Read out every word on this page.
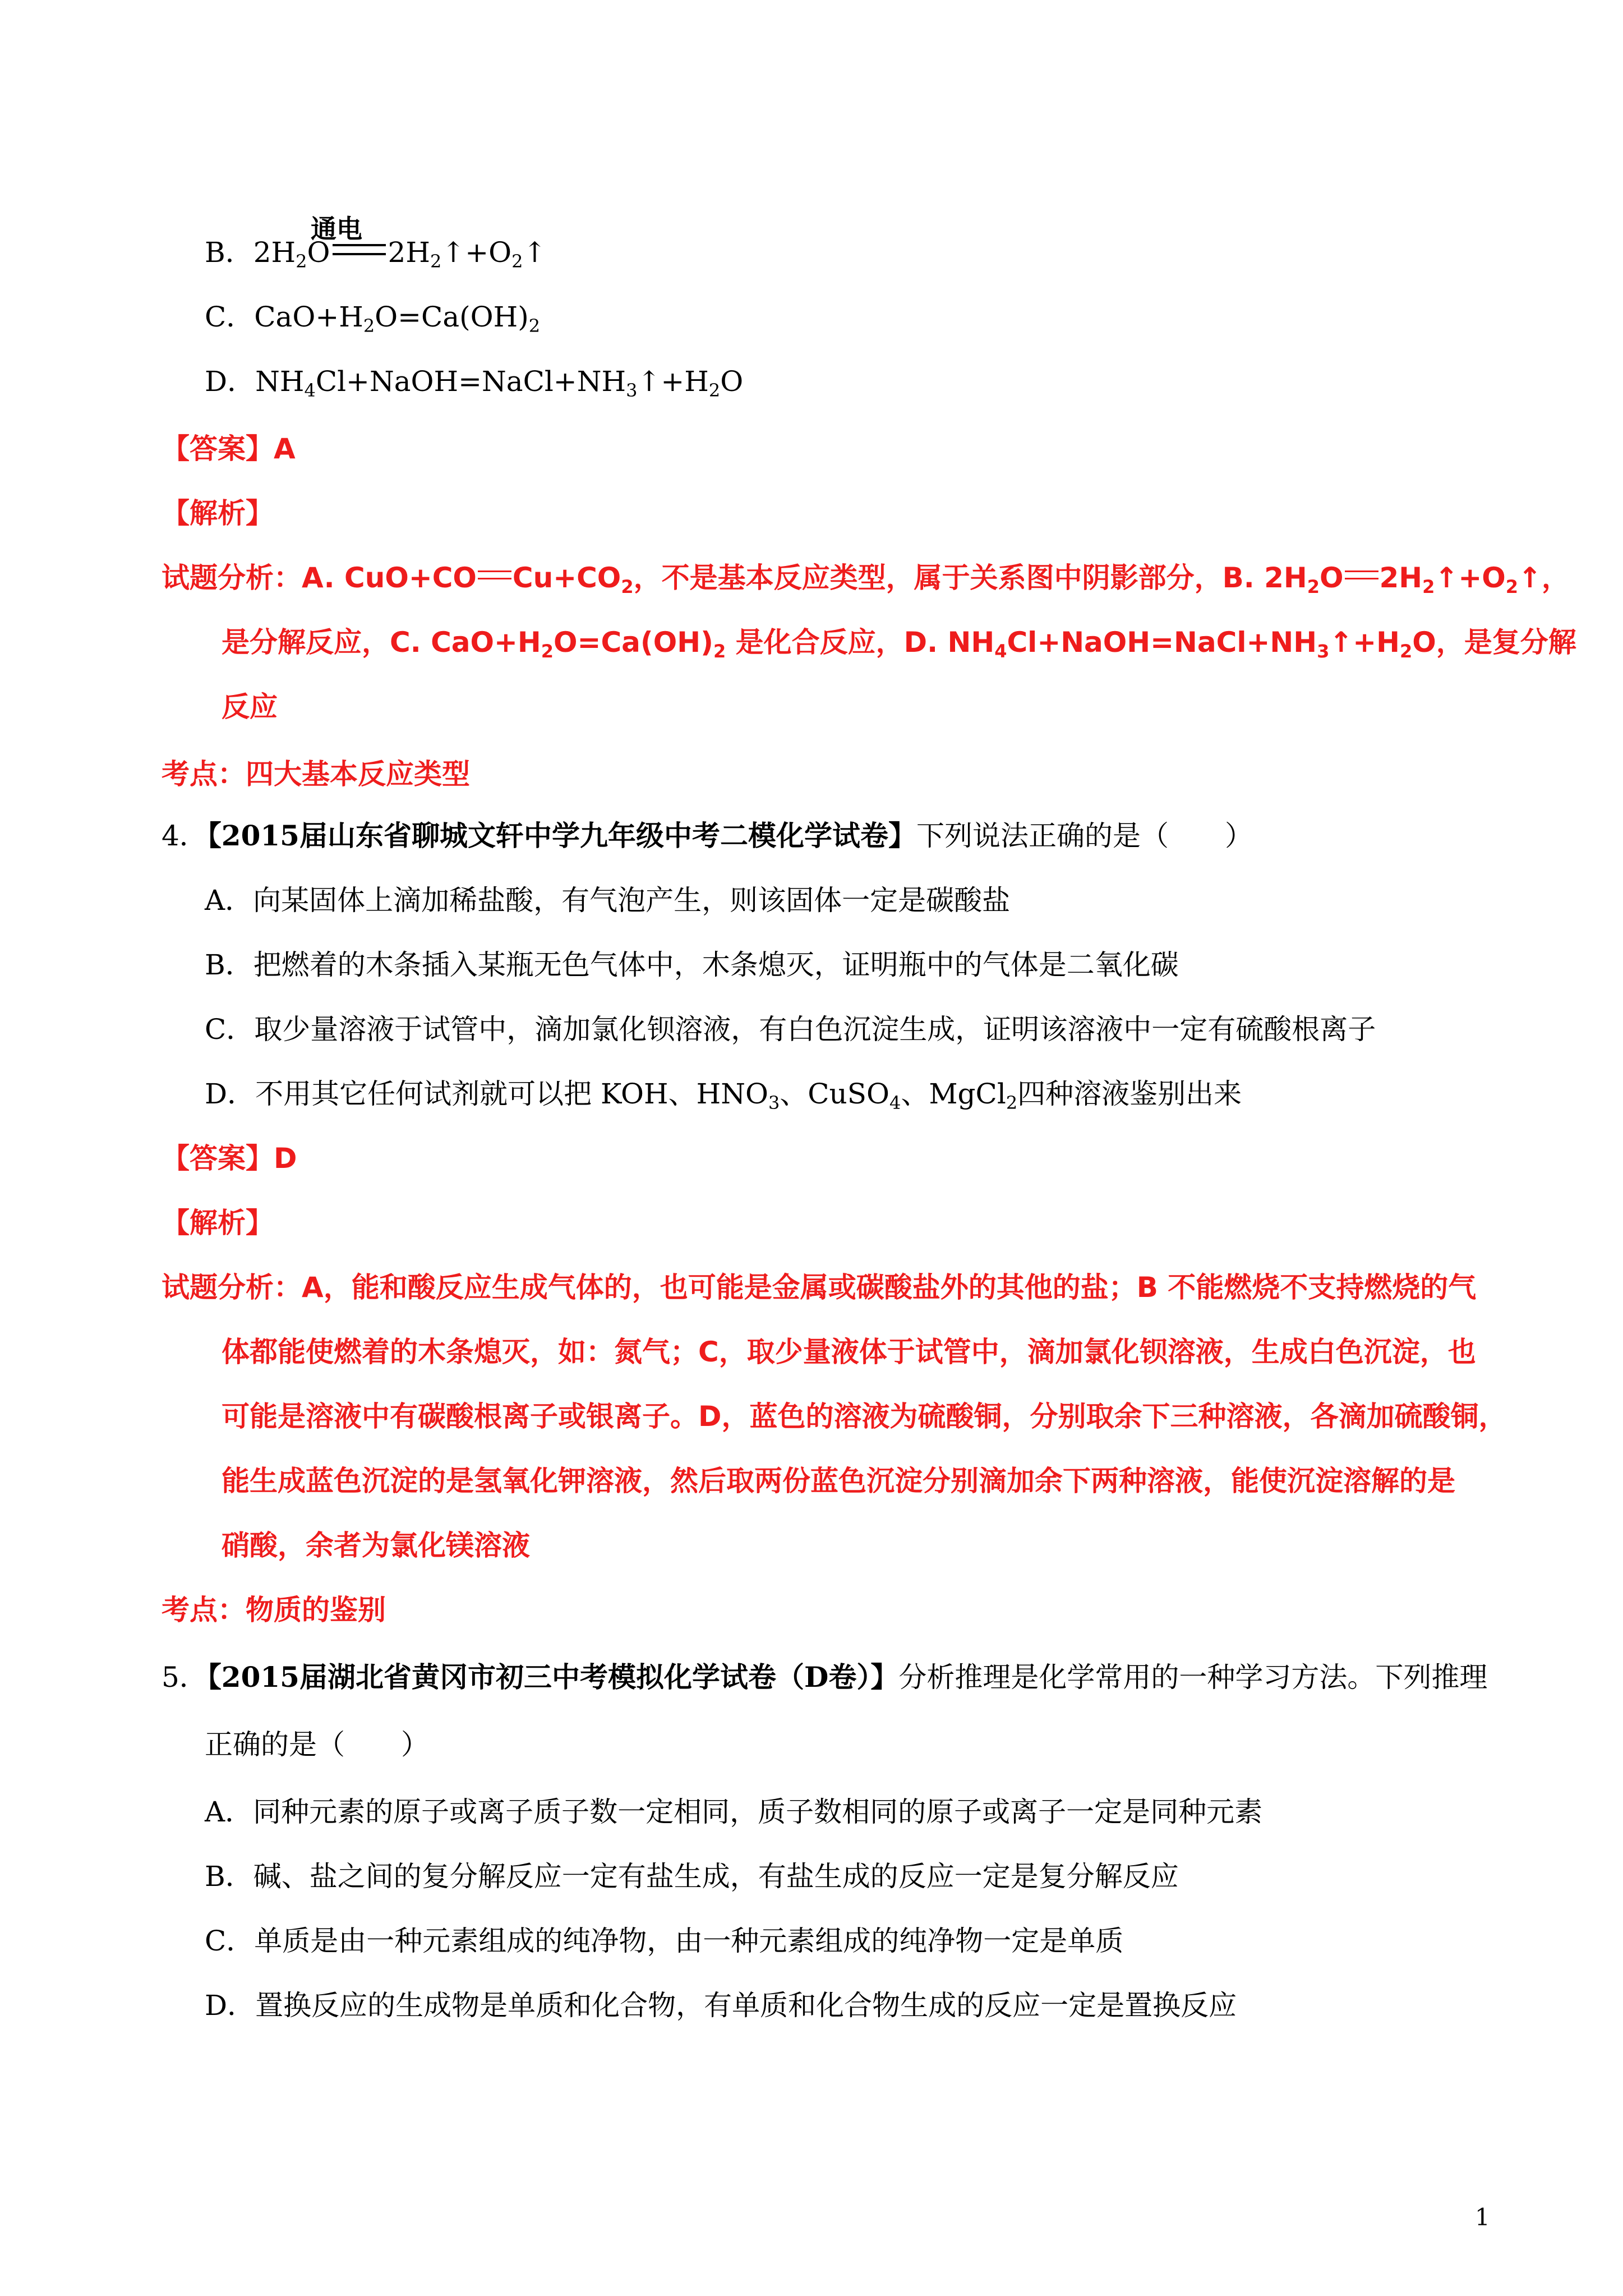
通电
B．$2H_2O$ $2H_2↑+O_2↑$
C．$CaO+H_2O=Ca(OH)_2$
D．$NH_4Cl+NaOH=NaCl+NH_3↑+H_2O$
【答案】A
【解析】
试题分析：A. CuO+CO $Cu+CO_2$，不是基本反应类型，属于关系图中阴影部分，B. $2H_2O$ $2H_2↑+O_2↑$，
是分解反应，C. $CaO+H_2O=Ca(OH)_2$ 是化合反应，D. $NH_4Cl+NaOH=NaCl+NH_3↑+H_2O$，是复分解
反应
考点：四大基本反应类型
4．【2015届山东省聊城文轩中学九年级中考二模化学试卷】下列说法正确的是（　　）
A．向某固体上滴加稀盐酸，有气泡产生，则该固体一定是碳酸盐
B．把燃着的木条插入某瓶无色气体中，木条熄灭，证明瓶中的气体是二氧化碳
C．取少量溶液于试管中，滴加氯化钡溶液，有白色沉淀生成，证明该溶液中一定有硫酸根离子
D．不用其它任何试剂就可以把 KOH、$HNO_3$、CuSO$_4$、MgCl$_2$四种溶液鉴别出来
【答案】D
【解析】
试题分析：A，能和酸反应生成气体的，也可能是金属或碳酸盐外的其他的盐；B 不能燃烧不支持燃烧的气
体都能使燃着的木条熄灭，如：氮气；C，取少量液体于试管中，滴加氯化钡溶液，生成白色沉淀，也
可能是溶液中有碳酸根离子或银离子。D，蓝色的溶液为硫酸铜，分别取余下三种溶液，各滴加硫酸铜，
能生成蓝色沉淀的是氢氧化钾溶液，然后取两份蓝色沉淀分别滴加余下两种溶液，能使沉淀溶解的是
硝酸，余者为氯化镁溶液
考点：物质的鉴别
5．【2015届湖北省黄冈市初三中考模拟化学试卷（D卷）】分析推理是化学常用的一种学习方法。下列推理
正确的是（　　）
A．同种元素的原子或离子质子数一定相同，质子数相同的原子或离子一定是同种元素
B．碱、盐之间的复分解反应一定有盐生成，有盐生成的反应一定是复分解反应
C．单质是由一种元素组成的纯净物，由一种元素组成的纯净物一定是单质
D．置换反应的生成物是单质和化合物，有单质和化合物生成的反应一定是置换反应
1
